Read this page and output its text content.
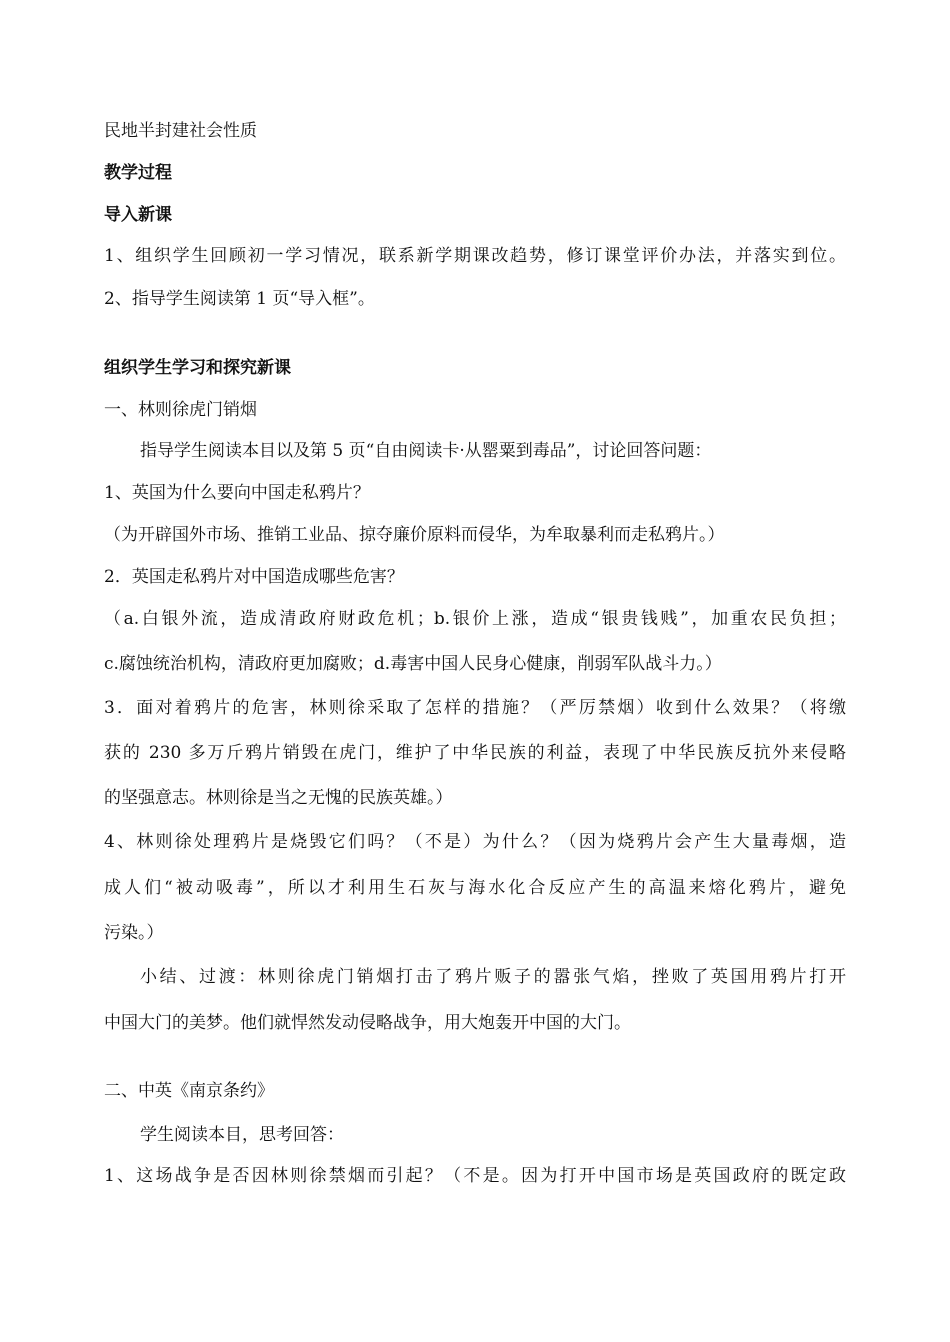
民地半封建社会性质
教学过程
导入新课
1、组织学生回顾初一学习情况，联系新学期课改趋势，修订课堂评价办法，并落实到位。
2、指导学生阅读第 1 页“导入框”。
组织学生学习和探究新课
一、林则徐虎门销烟
指导学生阅读本目以及第 5 页“自由阅读卡·从罂粟到毒品”，讨论回答问题：
1、英国为什么要向中国走私鸦片？
（为开辟国外市场、推销工业品、掠夺廉价原料而侵华，为牟取暴利而走私鸦片。）
2．英国走私鸦片对中国造成哪些危害？
（a.白银外流，造成清政府财政危机；b.银价上涨，造成“银贵钱贱”，加重农民负担；
c.腐蚀统治机构，清政府更加腐败；d.毒害中国人民身心健康，削弱军队战斗力。）
3．面对着鸦片的危害，林则徐采取了怎样的措施？（严厉禁烟）收到什么效果？（将缴
获的 230 多万斤鸦片销毁在虎门，维护了中华民族的利益，表现了中华民族反抗外来侵略
的坚强意志。林则徐是当之无愧的民族英雄。）
4、林则徐处理鸦片是烧毁它们吗？（不是）为什么？（因为烧鸦片会产生大量毒烟，造
成人们“被动吸毒”，所以才利用生石灰与海水化合反应产生的高温来熔化鸦片，避免
污染。）
小结、过渡：林则徐虎门销烟打击了鸦片贩子的嚣张气焰，挫败了英国用鸦片打开
中国大门的美梦。他们就悍然发动侵略战争，用大炮轰开中国的大门。
二、中英《南京条约》
学生阅读本目，思考回答：
1、这场战争是否因林则徐禁烟而引起？（不是。因为打开中国市场是英国政府的既定政
